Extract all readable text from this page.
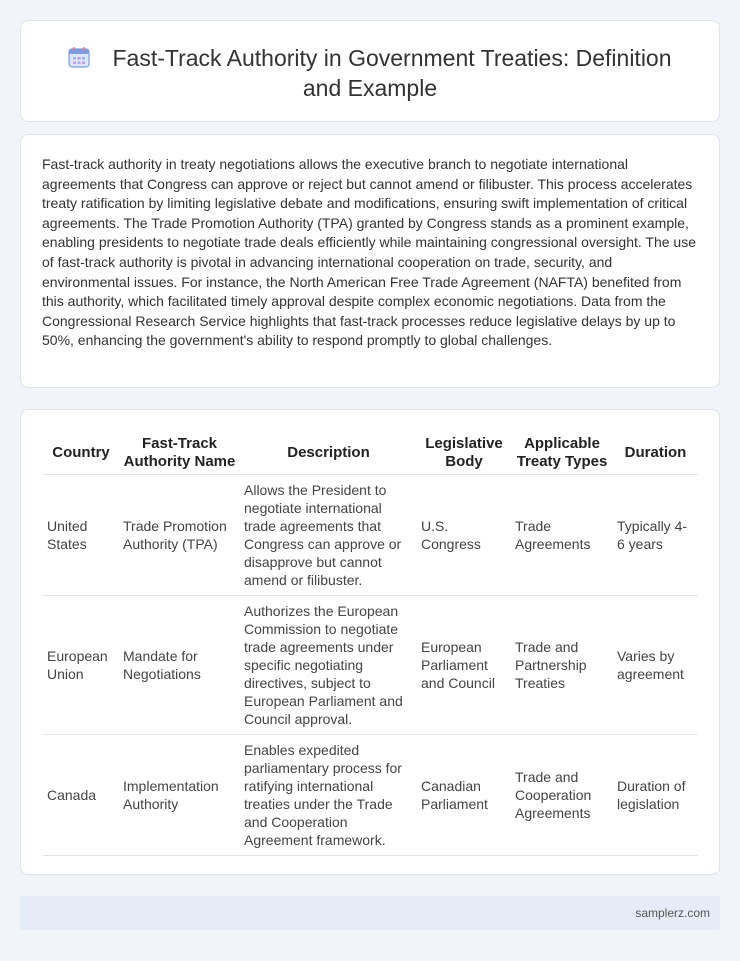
Fast-Track Authority in Government Treaties: Definition and Example

Fast-track authority in treaty negotiations allows the executive branch to negotiate international agreements that Congress can approve or reject but cannot amend or filibuster. This process accelerates treaty ratification by limiting legislative debate and modifications, ensuring swift implementation of critical agreements. The Trade Promotion Authority (TPA) granted by Congress stands as a prominent example, enabling presidents to negotiate trade deals efficiently while maintaining congressional oversight. The use of fast-track authority is pivotal in advancing international cooperation on trade, security, and environmental issues. For instance, the North American Free Trade Agreement (NAFTA) benefited from this authority, which facilitated timely approval despite complex economic negotiations. Data from the Congressional Research Service highlights that fast-track processes reduce legislative delays by up to 50%, enhancing the government's ability to respond promptly to global challenges.

Country	Fast-Track Authority Name	Description	Legislative Body	Applicable Treaty Types	Duration
United States	Trade Promotion Authority (TPA)	Allows the President to negotiate international trade agreements that Congress can approve or disapprove but cannot amend or filibuster.	U.S. Congress	Trade Agreements	Typically 4-6 years
European Union	Mandate for Negotiations	Authorizes the European Commission to negotiate trade agreements under specific negotiating directives, subject to European Parliament and Council approval.	European Parliament and Council	Trade and Partnership Treaties	Varies by agreement
Canada	Implementation Authority	Enables expedited parliamentary process for ratifying international treaties under the Trade and Cooperation Agreement framework.	Canadian Parliament	Trade and Cooperation Agreements	Duration of legislation
samplerz.com
